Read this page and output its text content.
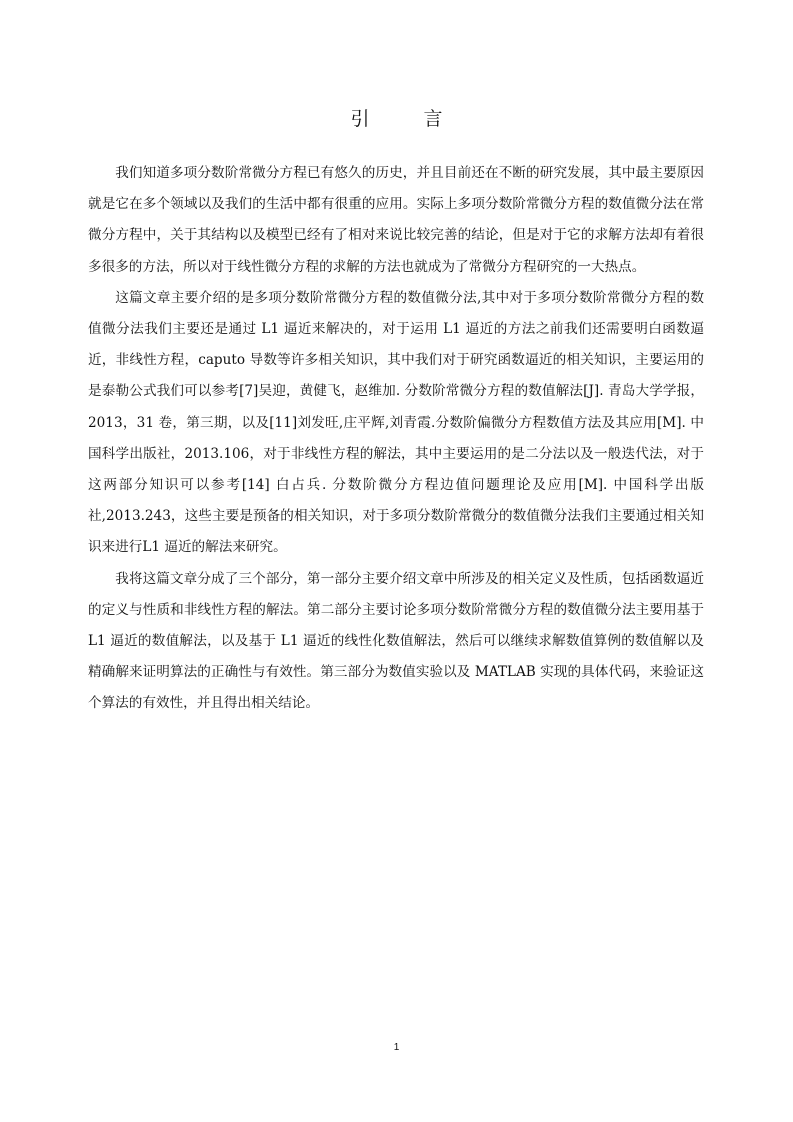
引 言

我们知道多项分数阶常微分方程已有悠久的历史，并且目前还在不断的研究发展，其中最主要原因就是它在多个领域以及我们的生活中都有很重的应用。实际上多项分数阶常微分方程的数值微分法在常微分方程中，关于其结构以及模型已经有了相对来说比较完善的结论，但是对于它的求解方法却有着很多很多的方法，所以对于线性微分方程的求解的方法也就成为了常微分方程研究的一大热点。

这篇文章主要介绍的是多项分数阶常微分方程的数值微分法,其中对于多项分数阶常微分方程的数值微分法我们主要还是通过 L1 逼近来解决的，对于运用 L1 逼近的方法之前我们还需要明白函数逼近，非线性方程，caputo 导数等许多相关知识，其中我们对于研究函数逼近的相关知识，主要运用的是泰勒公式我们可以参考[7]吴迎，黄健飞，赵维加. 分数阶常微分方程的数值解法[J]. 青岛大学学报，2013，31 卷，第三期，以及[11]刘发旺,庄平辉,刘青霞.分数阶偏微分方程数值方法及其应用[M]. 中国科学出版社，2013.106，对于非线性方程的解法，其中主要运用的是二分法以及一般迭代法，对于这两部分知识可以参考[14] 白占兵. 分数阶微分方程边值问题理论及应用[M]. 中国科学出版社,2013.243，这些主要是预备的相关知识，对于多项分数阶常微分的数值微分法我们主要通过相关知识来进行L1 逼近的解法来研究。

我将这篇文章分成了三个部分，第一部分主要介绍文章中所涉及的相关定义及性质，包括函数逼近的定义与性质和非线性方程的解法。第二部分主要讨论多项分数阶常微分方程的数值微分法主要用基于 L1 逼近的数值解法，以及基于 L1 逼近的线性化数值解法，然后可以继续求解数值算例的数值解以及精确解来证明算法的正确性与有效性。第三部分为数值实验以及 MATLAB 实现的具体代码，来验证这个算法的有效性，并且得出相关结论。

1
